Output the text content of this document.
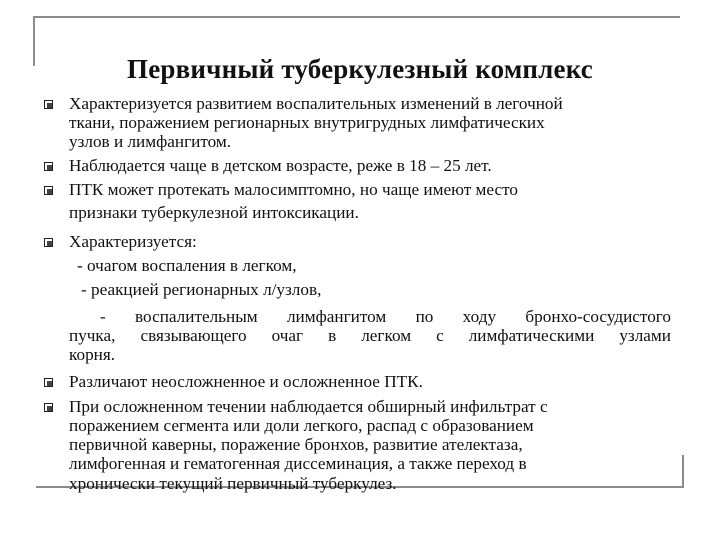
Первичный туберкулезный комплекс
Характеризуется развитием воспалительных изменений в легочной
ткани, поражением регионарных внутригрудных лимфатических
узлов и лимфангитом.
Наблюдается чаще в детском возрасте, реже в 18 – 25 лет.
ПТК может протекать малосимптомно, но чаще имеют место
признаки туберкулезной интоксикации.
Характеризуется:
- очагом воспаления в легком,
- реакцией регионарных л/узлов,
- воспалительным лимфангитом по ходу бронхо-сосудистого
пучка, связывающего очаг в легком с лимфатическими узлами
корня.
Различают неосложненное и осложненное ПТК.
При осложненном течении наблюдается обширный инфильтрат с
поражением сегмента или доли легкого, распад с образованием
первичной каверны, поражение бронхов, развитие ателектаза,
лимфогенная и гематогенная диссеминация, а также переход в
хронически текущий первичный туберкулез.
